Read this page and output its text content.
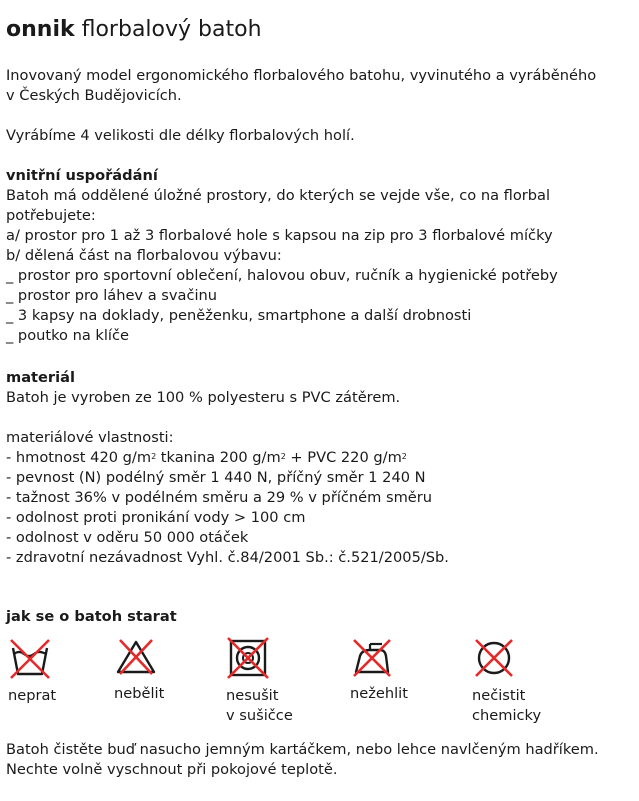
onnik florbalový batoh

Inovovaný model ergonomického florbalového batohu, vyvinutého a vyráběného

v Českých Budějovicích.

Vyrábíme 4 velikosti dle délky florbalových holí.

vnitřní uspořádání

Batoh má oddělené úložné prostory, do kterých se vejde vše, co na florbal

potřebujete:

a/ prostor pro 1 až 3 florbalové hole s kapsou na zip pro 3 florbalové míčky

b/ dělená část na florbalovou výbavu:

_ prostor pro sportovní oblečení, halovou obuv, ručník a hygienické potřeby

_ prostor pro láhev a svačinu

_ 3 kapsy na doklady, peněženku, smartphone a další drobnosti

_ poutko na klíče

materiál

Batoh je vyroben ze 100 % polyesteru s PVC zátěrem.

materiálové vlastnosti:

- hmotnost 420 $g/m^2$ tkanina 200 $g/m^2$ + PVC 220 $g/m^2$

- pevnost (N) podélný směr 1 440 N, příčný směr 1 240 N

- tažnost 36% v podélném směru a 29 % v příčném směru

- odolnost proti pronikání vody > 100 cm

- odolnost v oděru 50 000 otáček

- zdravotní nezávadnost Vyhl. č.84/2001 Sb.: č.521/2005/Sb.

jak se o batoh starat

neprat	nebělit	nesušit
v sušičce
nežehlit	nečistit
chemicky

Batoh čistěte buď nasucho jemným kartáčkem, nebo lehce navlčeným hadříkem.

Nechte volně vyschnout při pokojové teplotě.
